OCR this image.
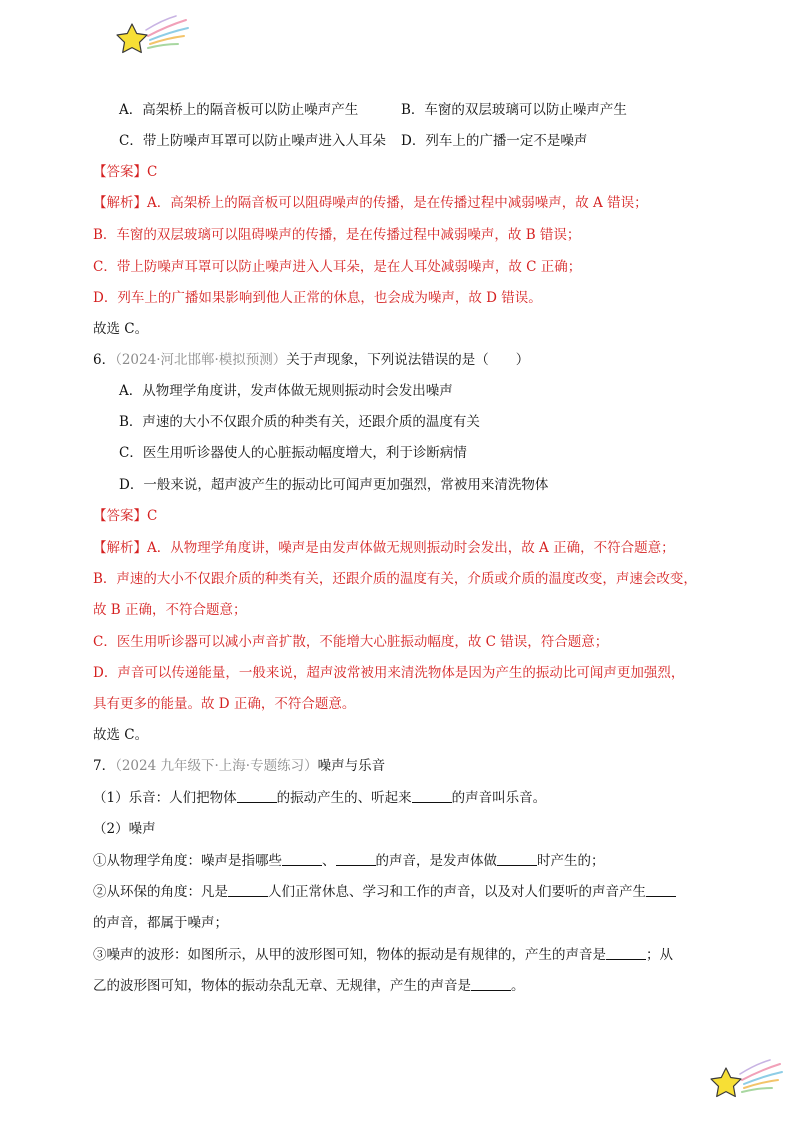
A．高架桥上的隔音板可以防止噪声产生	B．车窗的双层玻璃可以防止噪声产生
C．带上防噪声耳罩可以防止噪声进入人耳朵 D．列车上的广播一定不是噪声
【答案】C
【解析】A．高架桥上的隔音板可以阻碍噪声的传播，是在传播过程中减弱噪声，故 A 错误；
B．车窗的双层玻璃可以阻碍噪声的传播，是在传播过程中减弱噪声，故 B 错误；
C．带上防噪声耳罩可以防止噪声进入人耳朵，是在人耳处减弱噪声，故 C 正确；
D．列车上的广播如果影响到他人正常的休息，也会成为噪声，故 D 错误。
故选 C。
6．（2024·河北邯郸·模拟预测）关于声现象，下列说法错误的是（　　）
A．从物理学角度讲，发声体做无规则振动时会发出噪声
B．声速的大小不仅跟介质的种类有关，还跟介质的温度有关
C．医生用听诊器使人的心脏振动幅度增大，利于诊断病情
D．一般来说，超声波产生的振动比可闻声更加强烈，常被用来清洗物体
【答案】C
【解析】A．从物理学角度讲，噪声是由发声体做无规则振动时会发出，故 A 正确，不符合题意；
B．声速的大小不仅跟介质的种类有关，还跟介质的温度有关，介质或介质的温度改变，声速会改变，
故 B 正确，不符合题意；
C．医生用听诊器可以减小声音扩散，不能增大心脏振动幅度，故 C 错误，符合题意；
D．声音可以传递能量，一般来说，超声波常被用来清洗物体是因为产生的振动比可闻声更加强烈，
具有更多的能量。故 D 正确，不符合题意。
故选 C。
7．（2024 九年级下·上海·专题练习）噪声与乐音
（1）乐音：人们把物体	的振动产生的、听起来	的声音叫乐音。
（2）噪声
①从物理学角度：噪声是指哪些	、	的声音，是发声体做	时产生的；
②从环保的角度：凡是	人们正常休息、学习和工作的声音，以及对人们要听的声音产生
的声音，都属于噪声；
③噪声的波形：如图所示，从甲的波形图可知，物体的振动是有规律的，产生的声音是	；从
乙的波形图可知，物体的振动杂乱无章、无规律，产生的声音是	。
